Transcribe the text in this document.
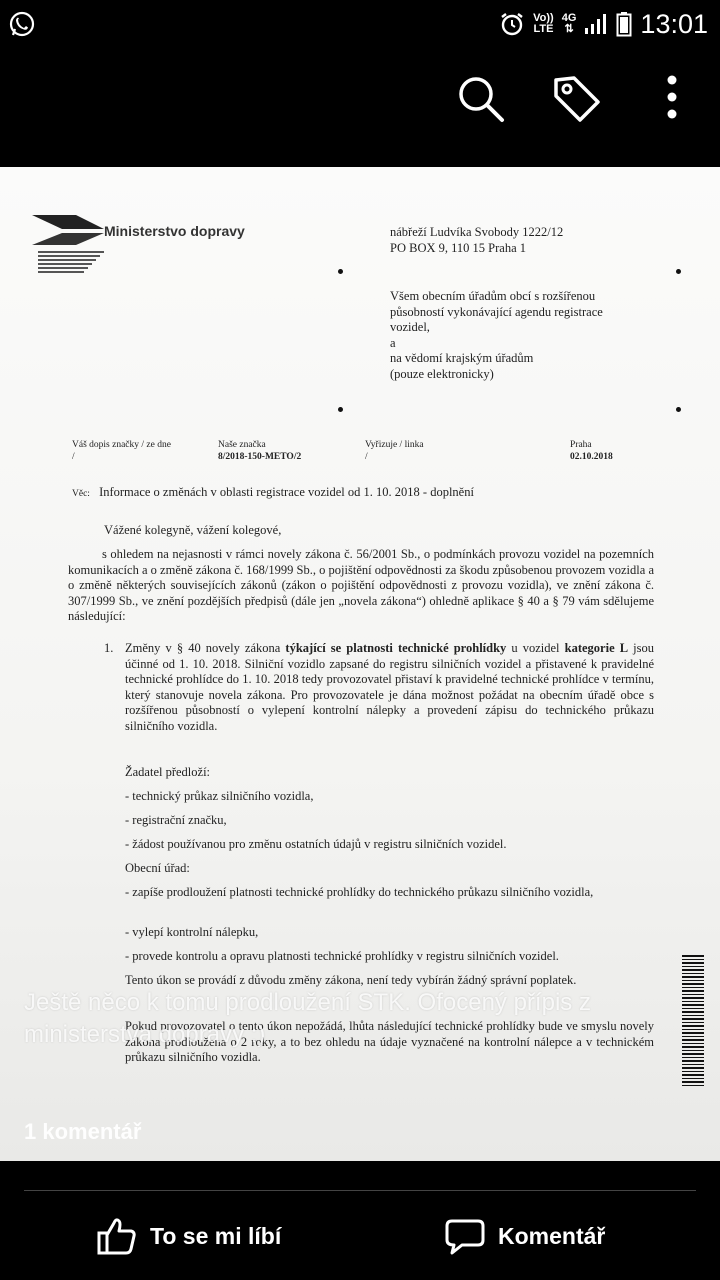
Vo))
LTE
4G
⇅ 13:01
Ministerstvo dopravy	nábřeží Ludvíka Svobody 1222/12
PO BOX 9, 110 15 Praha 1
Všem obecním úřadům obcí s rozšířenou
působností vykonávající agendu registrace
vozidel,
a
na vědomí krajským úřadům
(pouze elektronicky)
Váš dopis značky / ze dne
/
Naše značka
8/2018-150-METO/2
Vyřizuje / linka
/
Praha
02.10.2018
Věc: Informace o změnách v oblasti registrace vozidel od 1. 10. 2018 - doplnění
Vážené kolegyně, vážení kolegové,
s ohledem na nejasnosti v rámci novely zákona č. 56/2001 Sb., o podmínkách provozu vozidel na pozemních komunikacích a o změně zákona č. 168/1999 Sb., o pojištění odpovědnosti za škodu způsobenou provozem vozidla a o změně některých souvisejících zákonů (zákon o pojištění odpovědnosti z provozu vozidla), ve znění zákona č. 307/1999 Sb., ve znění pozdějších předpisů (dále jen „novela zákona“) ohledně aplikace § 40 a § 79 vám sdělujeme následující:
1. Změny v § 40 novely zákona týkající se platnosti technické prohlídky u vozidel kategorie L jsou účinné od 1. 10. 2018. Silniční vozidlo zapsané do registru silničních vozidel a přistavené k pravidelné technické prohlídce do 1. 10. 2018 tedy provozovatel přistaví k pravidelné technické prohlídce v termínu, který stanovuje novela zákona. Pro provozovatele je dána možnost požádat na obecním úřadě obce s rozšířenou působností o vylepení kontrolní nálepky a provedení zápisu do technického průkazu silničního vozidla.
Žadatel předloží:
- technický průkaz silničního vozidla,
- registrační značku,
- žádost používanou pro změnu ostatních údajů v registru silničních vozidel.
Obecní úřad:
- zapíše prodloužení platnosti technické prohlídky do technického průkazu silničního vozidla,
- vylepí kontrolní nálepku,
- provede kontrolu a opravu platnosti technické prohlídky v registru silničních vozidel.
Tento úkon se provádí z důvodu změny zákona, není tedy vybírán žádný správní poplatek.
Pokud provozovatel o tento úkon nepožádá, lhůta následující technické prohlídky bude ve smyslu novely zákona prodloužena o 2 roky, a to bez ohledu na údaje vyznačené na kontrolní nálepce a v technickém průkazu silničního vozidla.
Ještě něco k tomu prodloužení STK. Ofocený přípis z ministerstva dopravy :)
1 komentář
To se mi líbí	Komentář
